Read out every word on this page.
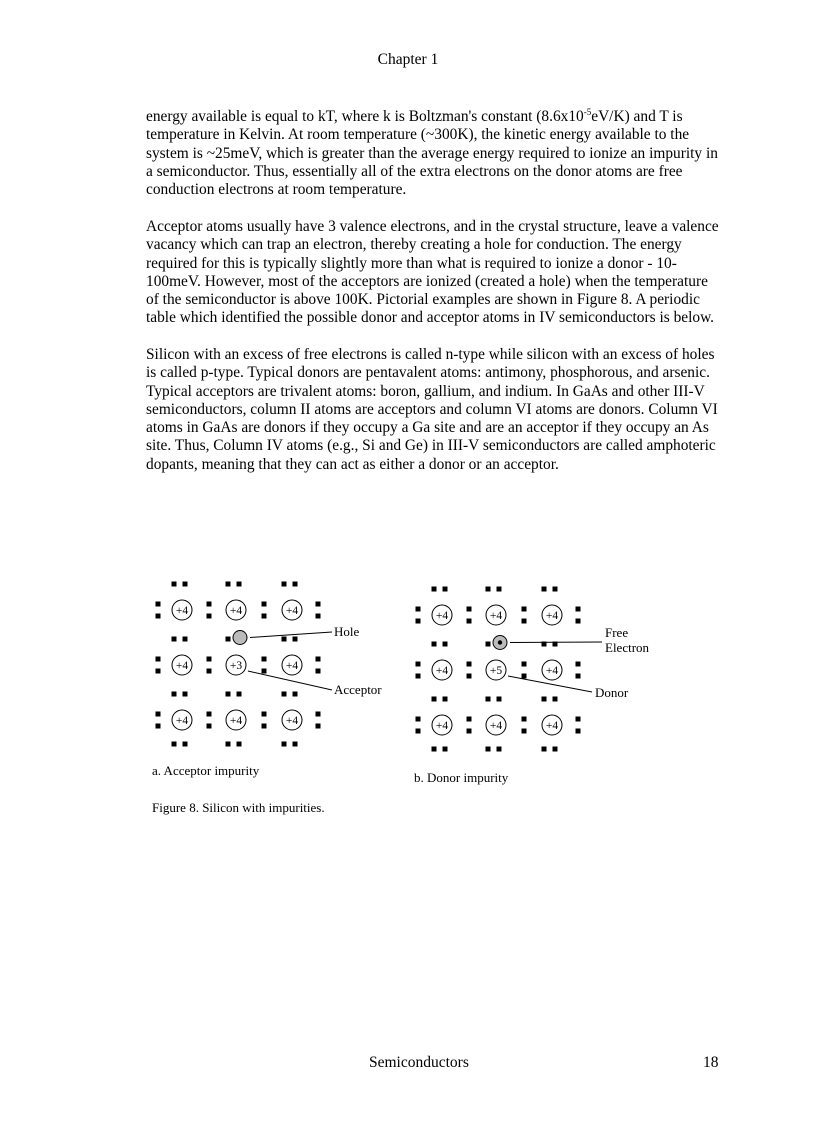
Chapter 1

energy available is equal to kT, where k is Boltzman's constant $(8.6x10^{-5}eV/K)$ and T is temperature in Kelvin. At room temperature (~300K), the kinetic energy available to the system is ~25meV, which is greater than the average energy required to ionize an impurity in a semiconductor. Thus, essentially all of the extra electrons on the donor atoms are free conduction electrons at room temperature.

Acceptor atoms usually have 3 valence electrons, and in the crystal structure, leave a valence vacancy which can trap an electron, thereby creating a hole for conduction. The energy required for this is typically slightly more than what is required to ionize a donor - 10-100meV. However, most of the acceptors are ionized (created a hole) when the temperature of the semiconductor is above 100K. Pictorial examples are shown in Figure 8. A periodic table which identified the possible donor and acceptor atoms in IV semiconductors is below.

Silicon with an excess of free electrons is called n-type while silicon with an excess of holes is called p-type. Typical donors are pentavalent atoms: antimony, phosphorous, and arsenic. Typical acceptors are trivalent atoms: boron, gallium, and indium. In GaAs and other III-V semiconductors, column II atoms are acceptors and column VI atoms are donors. Column VI atoms in GaAs are donors if they occupy a Ga site and are an acceptor if they occupy an As site. Thus, Column IV atoms (e.g., Si and Ge) in III-V semiconductors are called amphoteric dopants, meaning that they can act as either a donor or an acceptor.

+4	+4	+4
+4	+3	+4
+4	+4	+4
Hole
Acceptor
+4	+4	+4
+4	+5	+4
+4	+4	+4
Free
Electron
Donor
a. Acceptor impurity	b. Donor impurity
Figure 8. Silicon with impurities.
Semiconductors	18
